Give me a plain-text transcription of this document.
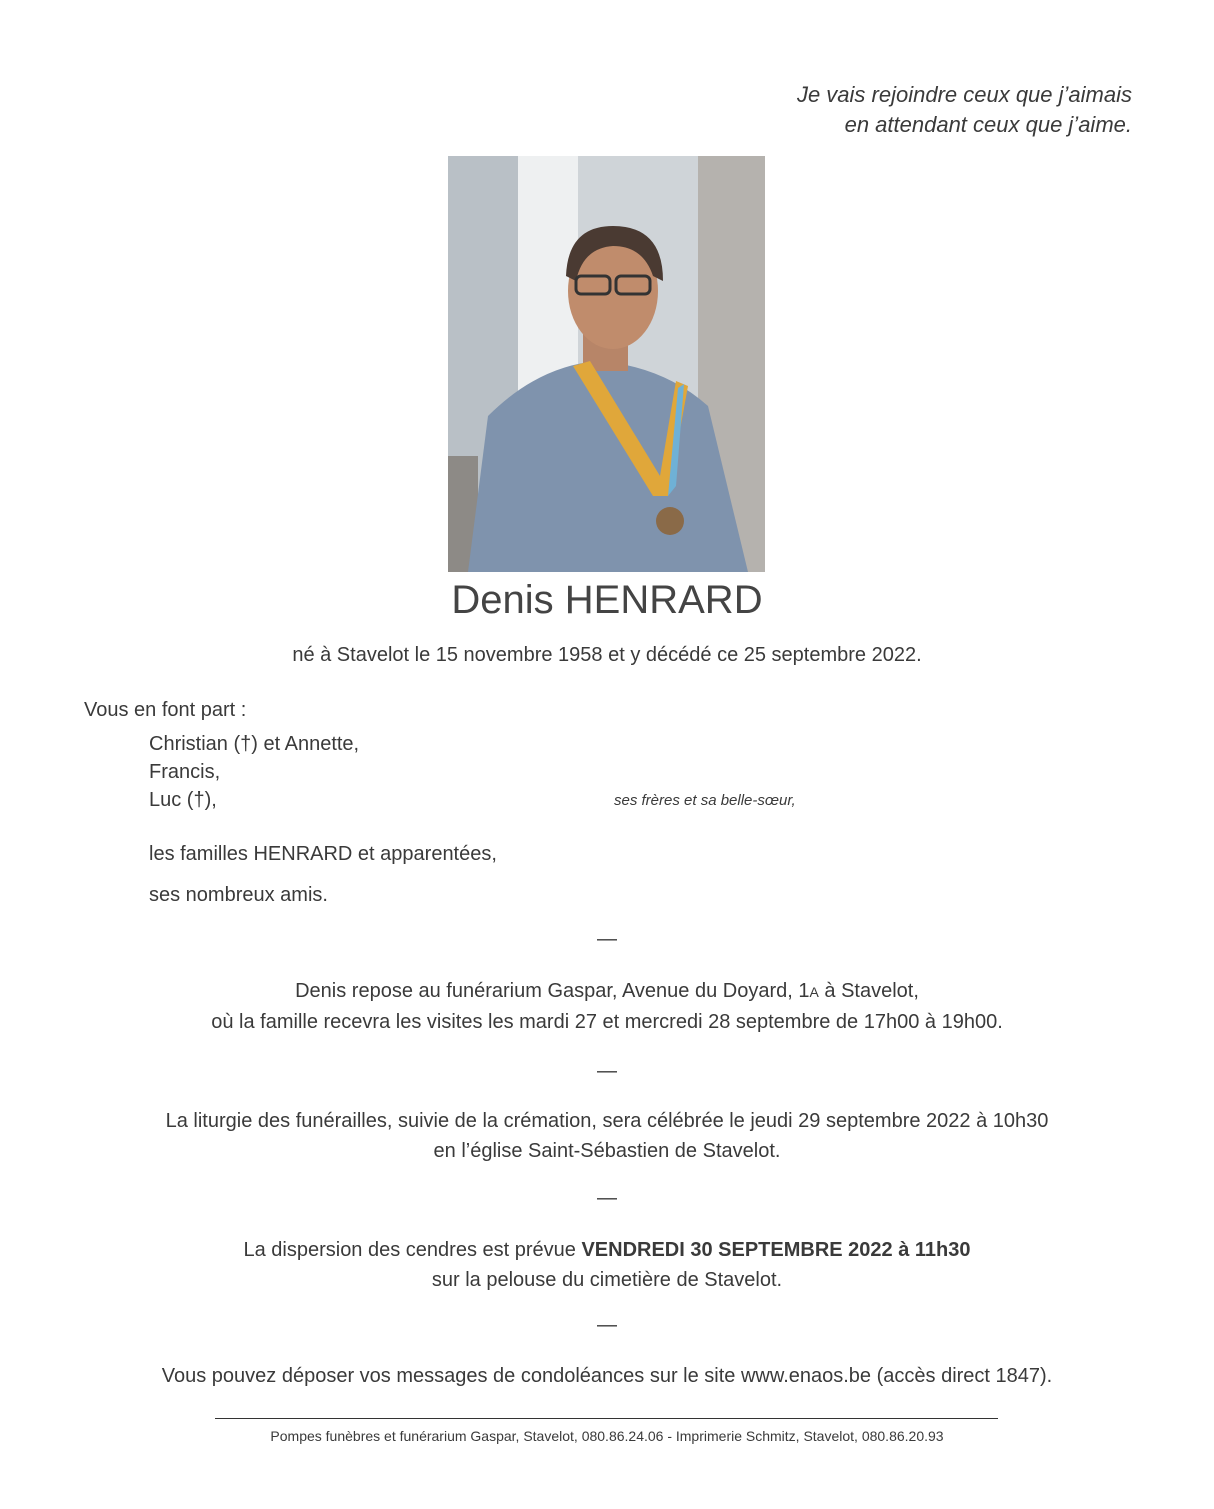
Je vais rejoindre ceux que j’aimais
en attendant ceux que j’aime.
Denis HENRARD
né à Stavelot le 15 novembre 1958 et y décédé ce 25 septembre 2022.
Vous en font part :
Christian (†) et Annette,
Francis,
Luc (†),	ses frères et sa belle-sœur,
les familles HENRARD et apparentées,
ses nombreux amis.
—
Denis repose au funérarium Gaspar, Avenue du Doyard, 1A à Stavelot,
où la famille recevra les visites les mardi 27 et mercredi 28 septembre de 17h00 à 19h00.
—
La liturgie des funérailles, suivie de la crémation, sera célébrée le jeudi 29 septembre 2022 à 10h30
en l’église Saint-Sébastien de Stavelot.
—
La dispersion des cendres est prévue VENDREDI 30 SEPTEMBRE 2022 à 11h30
sur la pelouse du cimetière de Stavelot.
—
Vous pouvez déposer vos messages de condoléances sur le site www.enaos.be (accès direct 1847).
Pompes funèbres et funérarium Gaspar, Stavelot, 080.86.24.06 - Imprimerie Schmitz, Stavelot, 080.86.20.93
